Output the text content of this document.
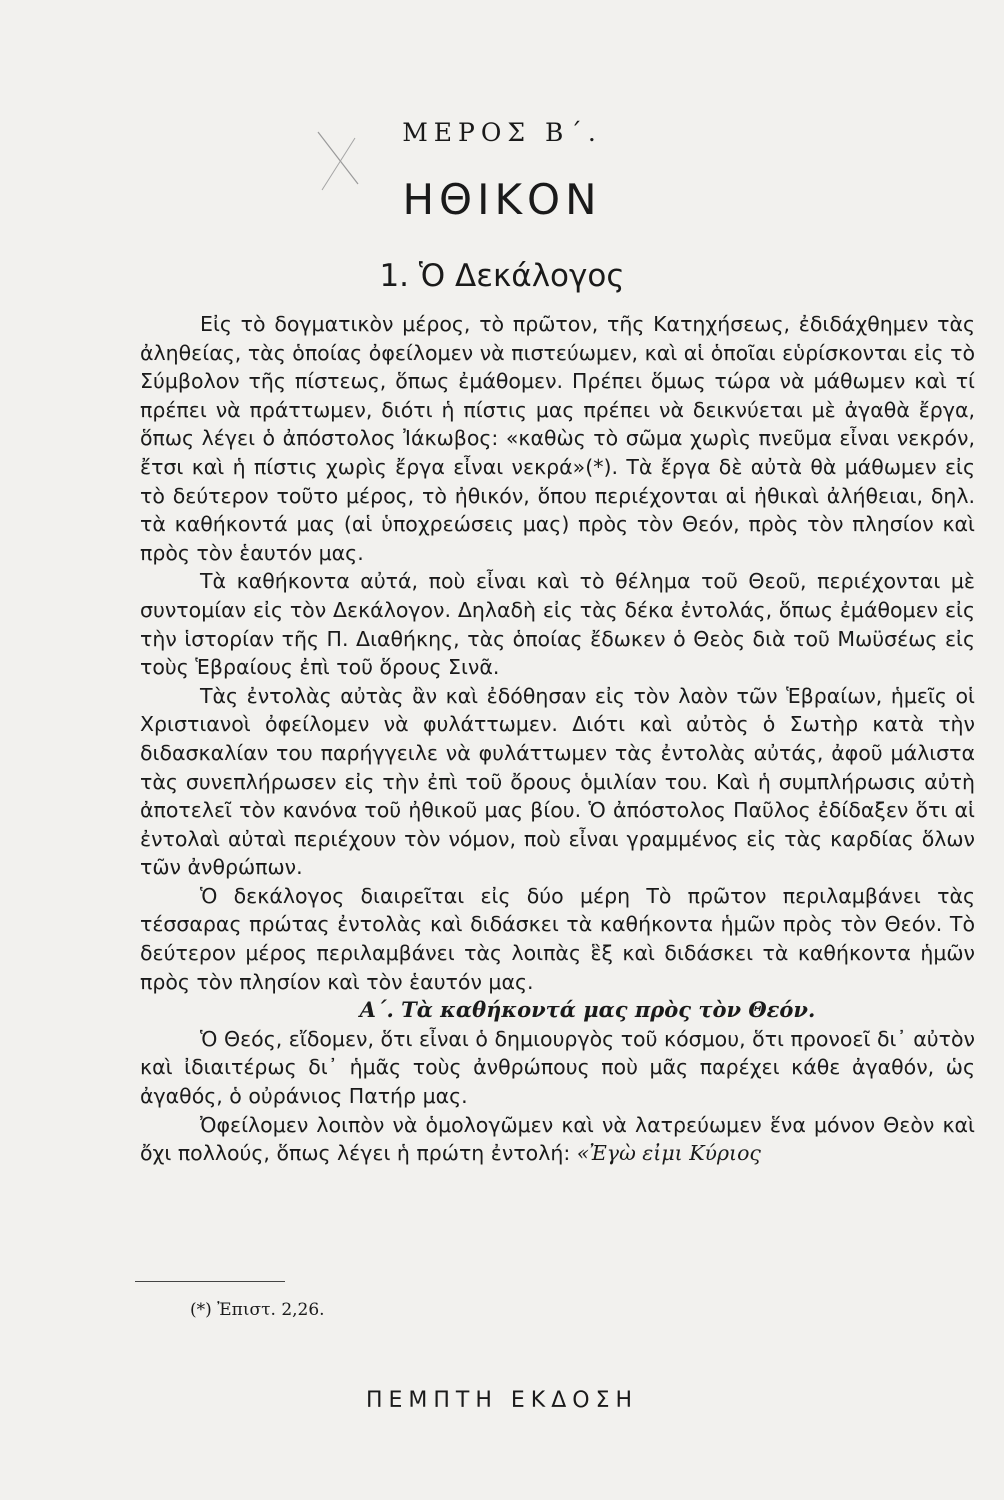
ΜΕΡΟΣ Β΄.
ΗΘΙΚΟΝ
1. Ὁ Δεκάλογος

Εἰς τὸ δογματικὸν μέρος, τὸ πρῶτον, τῆς Κατηχήσεως, ἐδιδάχθημεν τὰς ἀληθείας, τὰς ὁποίας ὀφείλομεν νὰ πιστεύωμεν, καὶ αἱ ὁποῖαι εὑρίσκονται εἰς τὸ Σύμβολον τῆς πίστεως, ὅπως ἐμάθομεν. Πρέπει ὅμως τώρα νὰ μάθωμεν καὶ τί πρέπει νὰ πράττωμεν, διότι ἡ πίστις μας πρέπει νὰ δεικνύεται μὲ ἀγαθὰ ἔργα, ὅπως λέγει ὁ ἀπόστολος Ἰάκωβος: «καθὼς τὸ σῶμα χωρὶς πνεῦμα εἶναι νεκρόν, ἔτσι καὶ ἡ πίστις χωρὶς ἔργα εἶναι νεκρά»(*). Τὰ ἔργα δὲ αὐτὰ θὰ μάθωμεν εἰς τὸ δεύτερον τοῦτο μέρος, τὸ ἠθικόν, ὅπου περιέχονται αἱ ἠθικαὶ ἀλήθειαι, δηλ. τὰ καθήκοντά μας (αἱ ὑποχρεώσεις μας) πρὸς τὸν Θεόν, πρὸς τὸν πλησίον καὶ πρὸς τὸν ἑαυτόν μας.

Τὰ καθήκοντα αὐτά, ποὺ εἶναι καὶ τὸ θέλημα τοῦ Θεοῦ, περιέχονται μὲ συντομίαν εἰς τὸν Δεκάλογον. Δηλαδὴ εἰς τὰς δέκα ἐντολάς, ὅπως ἐμάθομεν εἰς τὴν ἱστορίαν τῆς Π. Διαθήκης, τὰς ὁποίας ἔδωκεν ὁ Θεὸς διὰ τοῦ Μωϋσέως εἰς τοὺς Ἑβραίους ἐπὶ τοῦ ὅρους Σινᾶ.

Τὰς ἐντολὰς αὐτὰς ἂν καὶ ἐδόθησαν εἰς τὸν λαὸν τῶν Ἑβραίων, ἡμεῖς οἱ Χριστιανοὶ ὀφείλομεν νὰ φυλάττωμεν. Διότι καὶ αὐτὸς ὁ Σωτὴρ κατὰ τὴν διδασκαλίαν του παρήγγειλε νὰ φυλάττωμεν τὰς ἐντολὰς αὐτάς, ἀφοῦ μάλιστα τὰς συνεπλήρωσεν εἰς τὴν ἐπὶ τοῦ ὄρους ὁμιλίαν του. Καὶ ἡ συμπλήρωσις αὐτὴ ἀποτελεῖ τὸν κανόνα τοῦ ἠθικοῦ μας βίου. Ὁ ἀπόστολος Παῦλος ἐδίδαξεν ὅτι αἱ ἐντολαὶ αὐταὶ περιέχουν τὸν νόμον, ποὺ εἶναι γραμμένος εἰς τὰς καρδίας ὅλων τῶν ἀνθρώπων.

Ὁ δεκάλογος διαιρεῖται εἰς δύο μέρη Τὸ πρῶτον περιλαμβάνει τὰς τέσσαρας πρώτας ἐντολὰς καὶ διδάσκει τὰ καθήκοντα ἡμῶν πρὸς τὸν Θεόν. Τὸ δεύτερον μέρος περιλαμβάνει τὰς λοιπὰς ἓξ καὶ διδάσκει τὰ καθήκοντα ἡμῶν πρὸς τὸν πλησίον καὶ τὸν ἑαυτόν μας.

Α΄. Τὰ καθήκοντά μας πρὸς τὸν Θεόν.

Ὁ Θεός, εἴδομεν, ὅτι εἶναι ὁ δημιουργὸς τοῦ κόσμου, ὅτι προνοεῖ δι᾽ αὐτὸν καὶ ἰδιαιτέρως δι᾽ ἡμᾶς τοὺς ἀνθρώπους ποὺ μᾶς παρέχει κάθε ἀγαθόν, ὡς ἀγαθός, ὁ οὐράνιος Πατήρ μας.

Ὀφείλομεν λοιπὸν νὰ ὁμολογῶμεν καὶ νὰ λατρεύωμεν ἕνα μόνον Θεὸν καὶ ὄχι πολλούς, ὅπως λέγει ἡ πρώτη ἐντολή: «Ἐγὼ εἰμι Κύριος

(*) Ἐπιστ. 2,26.
ΠΕΜΠΤΗ ΕΚΔΟΣΗ
